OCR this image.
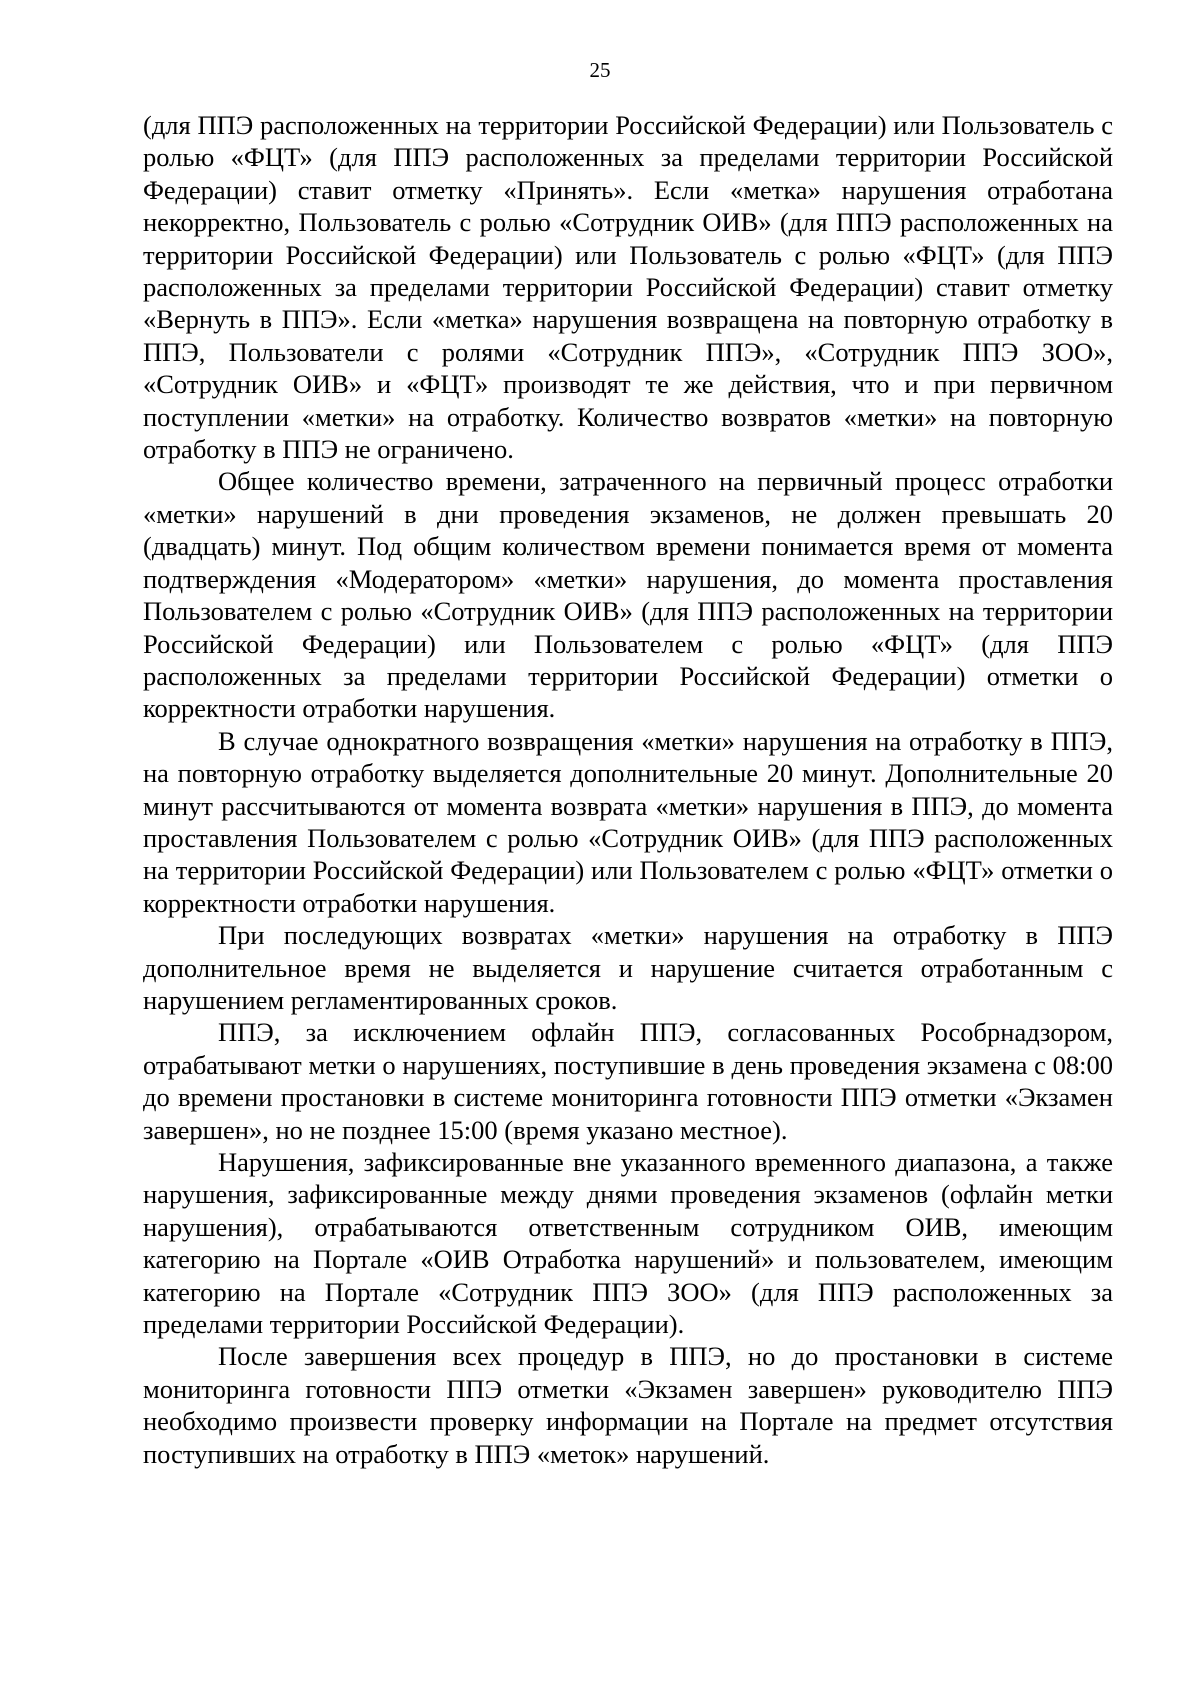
25

(для ППЭ расположенных на территории Российской Федерации) или Пользователь с ролью «ФЦТ» (для ППЭ расположенных за пределами территории Российской Федерации) ставит отметку «Принять». Если «метка» нарушения отработана некорректно, Пользователь с ролью «Сотрудник ОИВ» (для ППЭ расположенных на территории Российской Федерации) или Пользователь с ролью «ФЦТ» (для ППЭ расположенных за пределами территории Российской Федерации) ставит отметку «Вернуть в ППЭ». Если «метка» нарушения возвращена на повторную отработку в ППЭ, Пользователи с ролями «Сотрудник ППЭ», «Сотрудник ППЭ ЗОО», «Сотрудник ОИВ» и «ФЦТ» производят те же действия, что и при первичном поступлении «метки» на отработку. Количество возвратов «метки» на повторную отработку в ППЭ не ограничено.

Общее количество времени, затраченного на первичный процесс отработки «метки» нарушений в дни проведения экзаменов, не должен превышать 20 (двадцать) минут. Под общим количеством времени понимается время от момента подтверждения «Модератором» «метки» нарушения, до момента проставления Пользователем с ролью «Сотрудник ОИВ» (для ППЭ расположенных на территории Российской Федерации) или Пользователем с ролью «ФЦТ» (для ППЭ расположенных за пределами территории Российской Федерации) отметки о корректности отработки нарушения.

В случае однократного возвращения «метки» нарушения на отработку в ППЭ, на повторную отработку выделяется дополнительные 20 минут. Дополнительные 20 минут рассчитываются от момента возврата «метки» нарушения в ППЭ, до момента проставления Пользователем с ролью «Сотрудник ОИВ» (для ППЭ расположенных на территории Российской Федерации) или Пользователем с ролью «ФЦТ» отметки о корректности отработки нарушения.

При последующих возвратах «метки» нарушения на отработку в ППЭ дополнительное время не выделяется и нарушение считается отработанным с нарушением регламентированных сроков.

ППЭ, за исключением офлайн ППЭ, согласованных Рособрнадзором, отрабатывают метки о нарушениях, поступившие в день проведения экзамена с 08:00 до времени простановки в системе мониторинга готовности ППЭ отметки «Экзамен завершен», но не позднее 15:00 (время указано местное).

Нарушения, зафиксированные вне указанного временного диапазона, а также нарушения, зафиксированные между днями проведения экзаменов (офлайн метки нарушения), отрабатываются ответственным сотрудником ОИВ, имеющим категорию на Портале «ОИВ Отработка нарушений» и пользователем, имеющим категорию на Портале «Сотрудник ППЭ ЗОО» (для ППЭ расположенных за пределами территории Российской Федерации).

После завершения всех процедур в ППЭ, но до простановки в системе мониторинга готовности ППЭ отметки «Экзамен завершен» руководителю ППЭ необходимо произвести проверку информации на Портале на предмет отсутствия поступивших на отработку в ППЭ «меток» нарушений.
